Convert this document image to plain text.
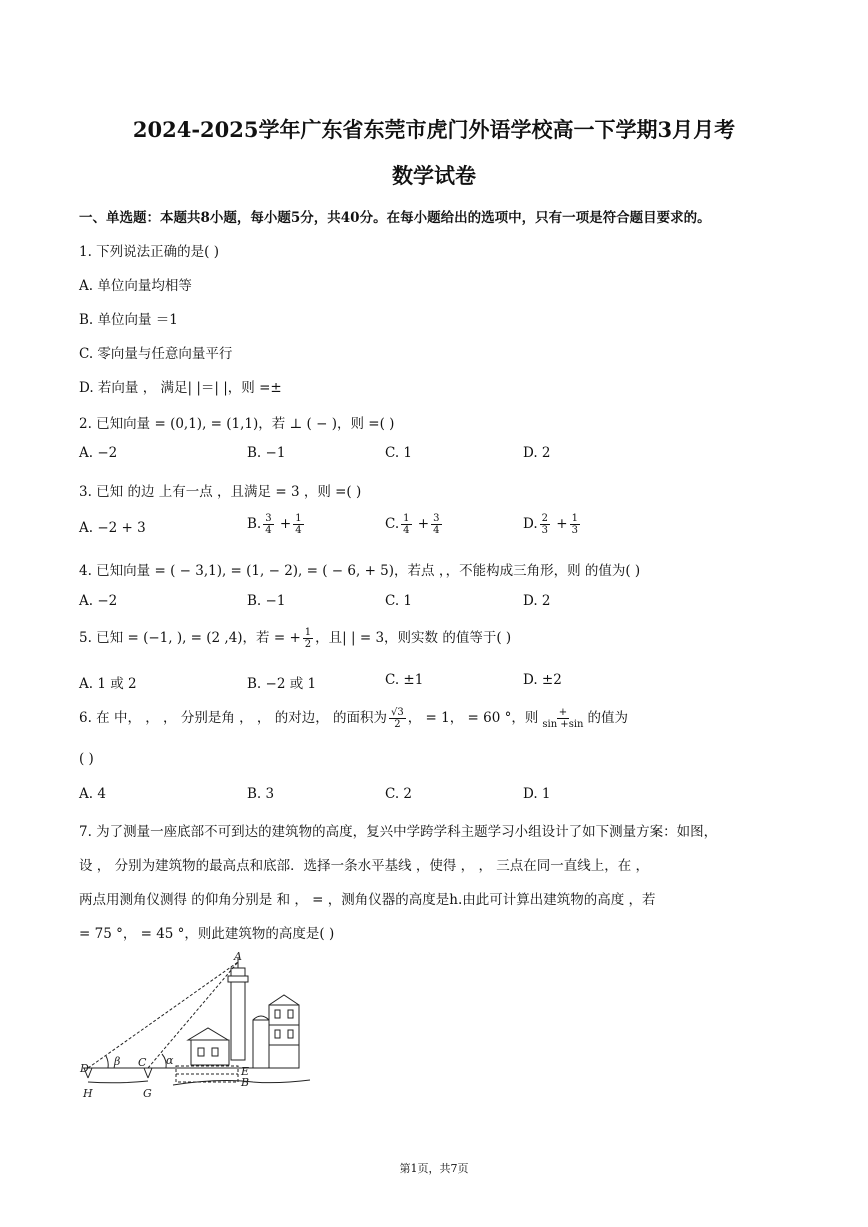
2024-2025学年广东省东莞市虎门外语学校高一下学期3月月考
数学试卷
一、单选题：本题共8小题，每小题5分，共40分。在每小题给出的选项中，只有一项是符合题目要求的。
1. 下列说法正确的是( )
A. 单位向量均相等
B. 单位向量 ＝1
C. 零向量与任意向量平行
D. 若向量 ， 满足| |＝| |，则 =±
2. 已知向量 = (0,1), = (1,1)，若 ⊥ ( − )，则 =( )
A. −2	B. −1	C. 1	D. 2
3. 已知 的边 上有一点 ，且满足 = 3 ，则 =( )
A. −2 + 3	B. $\frac{3}{4} + \frac{1}{4}$	C. $\frac{1}{4} + \frac{3}{4}$	D. $\frac{2}{3} + \frac{1}{3}$
4. 已知向量 = ( − 3,1), = (1, − 2), = ( − 6, + 5)，若点 ，，不能构成三角形，则 的值为( )
A. −2	B. −1	C. 1	D. 2
5. 已知 = (−1, ), = (2 ,4)，若 = + $\frac{1}{2}$ ，且| | = 3，则实数 的值等于( )
A. 1 或 2	B. −2 或 1	C. ±1	D. ±2
6. 在 中， ， ， 分别是角 ， ， 的对边， 的面积为 $\frac{√3}{2}$ ， = 1， = 60 °，则 $\frac{+}{\sin +\sin}$ 的值为
( )
A. 4	B. 3	C. 2	D. 1
7. 为了测量一座底部不可到达的建筑物的高度，复兴中学跨学科主题学习小组设计了如下测量方案：如图，
设 ， 分别为建筑物的最高点和底部．选择一条水平基线 ，使得 ， ， 三点在同一直线上，在 ，
两点用测角仪测得 的仰角分别是 和 ， = ，测角仪器的高度是h.由此可计算出建筑物的高度 ，若
= 75 °， = 45 °，则此建筑物的高度是( )
A
D	C
H	G
E
B
β	α
第1页，共7页
